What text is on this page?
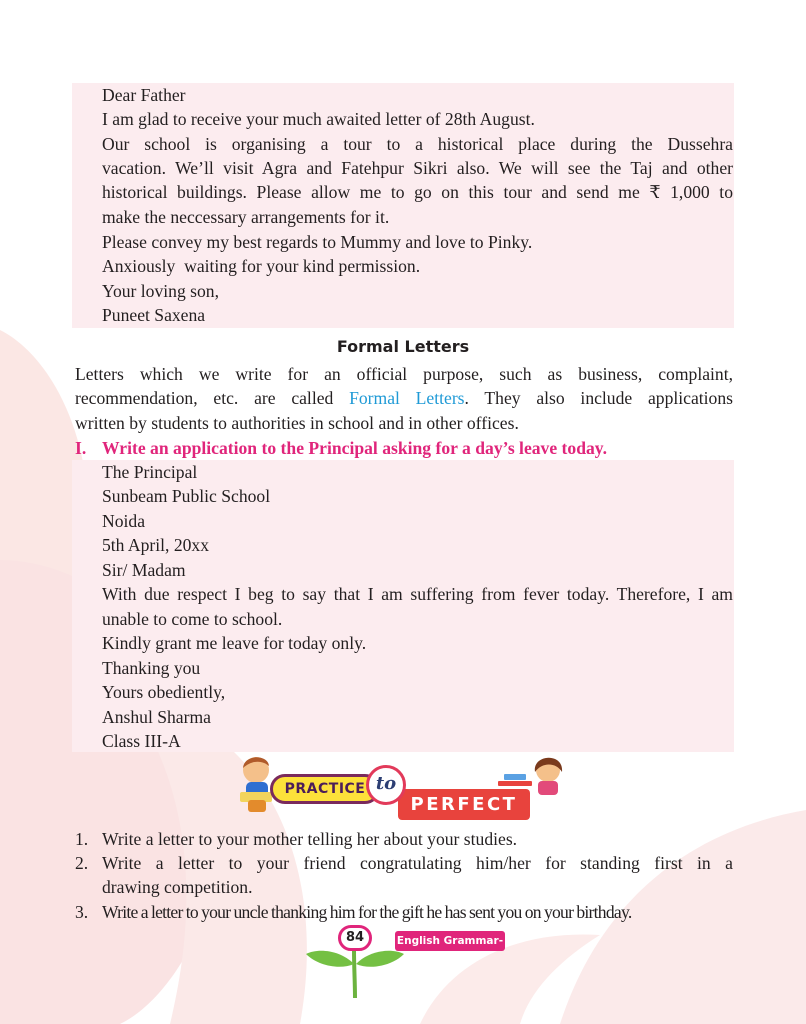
Dear Father
I am glad to receive your much awaited letter of 28th August.
Our school is organising a tour to a historical place during the Dussehra
vacation. We’ll visit Agra and Fatehpur Sikri also. We will see the Taj and other
historical buildings. Please allow me to go on this tour and send me ₹ 1,000 to
make the neccessary arrangements for it.
Please convey my best regards to Mummy and love to Pinky.
Anxiously  waiting for your kind permission.
Your loving son,
Puneet Saxena
Formal Letters
Letters which we write for an official purpose, such as business, complaint,
recommendation, etc. are called Formal Letters. They also include applications
written by students to authorities in school and in other offices.
I. Write an application to the Principal asking for a day’s leave today.
The Principal
Sunbeam Public School
Noida
5th April, 20xx
Sir/ Madam
With due respect I beg to say that I am suffering from fever today. Therefore, I am
unable to come to school.
Kindly grant me leave for today only.
Thanking you
Yours obediently,
Anshul Sharma
Class III-A
PRACTICE
PERFECT
to
1. Write a letter to your mother telling her about your studies.
2. Write a letter to your friend congratulating him/her for standing first in a
drawing competition.
3. Write a letter to your uncle thanking him for the gift he has sent you on your birthday.
84	English Grammar-3
